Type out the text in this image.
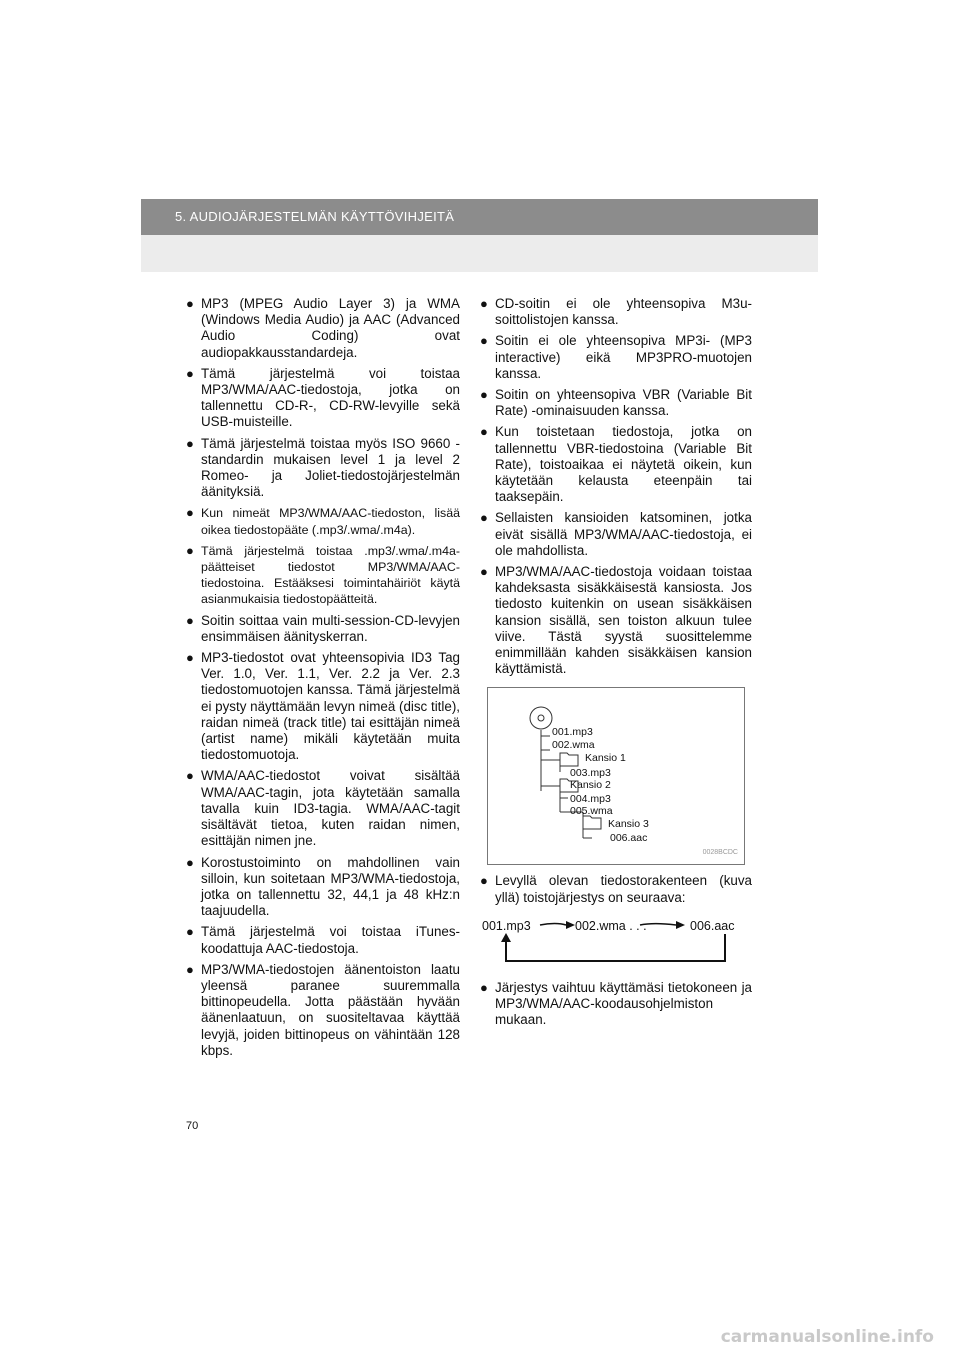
5. AUDIOJÄRJESTELMÄN KÄYTTÖVIHJEITÄ
● MP3 (MPEG Audio Layer 3) ja WMA (Windows Media Audio) ja AAC (Advanced Audio Coding) ovat audiopakkausstandardeja.
● Tämä järjestelmä voi toistaa MP3/WMA/AAC-tiedostoja, jotka on tallennettu CD-R-, CD-RW-levyille sekä USB-muisteille.
● Tämä järjestelmä toistaa myös ISO 9660 -standardin mukaisen level 1 ja level 2 Romeo- ja Joliet-tiedostojärjestelmän äänityksiä.
● Kun nimeät MP3/WMA/AAC-tiedoston, lisää oikea tiedostopääte (.mp3/.wma/.m4a).
● Tämä järjestelmä toistaa .mp3/.wma/.m4a-päätteiset tiedostot MP3/WMA/AAC-tiedostoina. Estääksesi toimintahäiriöt käytä asianmukaisia tiedostopäätteitä.
● Soitin soittaa vain multi-session-CD-levyjen ensimmäisen äänityskerran.
● MP3-tiedostot ovat yhteensopivia ID3 Tag Ver. 1.0, Ver. 1.1, Ver. 2.2 ja Ver. 2.3 tiedostomuotojen kanssa. Tämä järjestelmä ei pysty näyttämään levyn nimeä (disc title), raidan nimeä (track title) tai esittäjän nimeä (artist name) mikäli käytetään muita tiedostomuotoja.
● WMA/AAC-tiedostot voivat sisältää WMA/AAC-tagin, jota käytetään samalla tavalla kuin ID3-tagia. WMA/AAC-tagit sisältävät tietoa, kuten raidan nimen, esittäjän nimen jne.
● Korostustoiminto on mahdollinen vain silloin, kun soitetaan MP3/WMA-tiedostoja, jotka on tallennettu 32, 44,1 ja 48 kHz:n taajuudella.
● Tämä järjestelmä voi toistaa iTunes-koodattuja AAC-tiedostoja.
● MP3/WMA-tiedostojen äänentoiston laatu yleensä paranee suuremmalla bittinopeudella. Jotta päästään hyvään äänenlaatuun, on suositeltavaa käyttää levyjä, joiden bittinopeus on vähintään 128 kbps.
● CD-soitin ei ole yhteensopiva M3u-soittolistojen kanssa.
● Soitin ei ole yhteensopiva MP3i- (MP3 interactive) eikä MP3PRO-muotojen kanssa.
● Soitin on yhteensopiva VBR (Variable Bit Rate) -ominaisuuden kanssa.
● Kun toistetaan tiedostoja, jotka on tallennettu VBR-tiedostoina (Variable Bit Rate), toistoaikaa ei näytetä oikein, kun käytetään kelausta eteenpäin tai taaksepäin.
● Sellaisten kansioiden katsominen, jotka eivät sisällä MP3/WMA/AAC-tiedostoja, ei ole mahdollista.
● MP3/WMA/AAC-tiedostoja voidaan toistaa kahdeksasta sisäkkäisestä kansiosta. Jos tiedosto kuitenkin on usean sisäkkäisen kansion sisällä, sen toiston alkuun tulee viive. Tästä syystä suosittelemme enimmillään kahden sisäkkäisen kansion käyttämistä.
001.mp3
002.wma
Kansio 1
003.mp3
Kansio 2
004.mp3
005.wma
Kansio 3
006.aac
0028BCDC
● Levyllä olevan tiedostorakenteen (kuva yllä) toistojärjestys on seuraava:
001.mp3	002.wma . . .	006.aac
● Järjestys vaihtuu käyttämäsi tietokoneen ja MP3/WMA/AAC-koodausohjelmiston mukaan.
70
carmanualsonline.info
